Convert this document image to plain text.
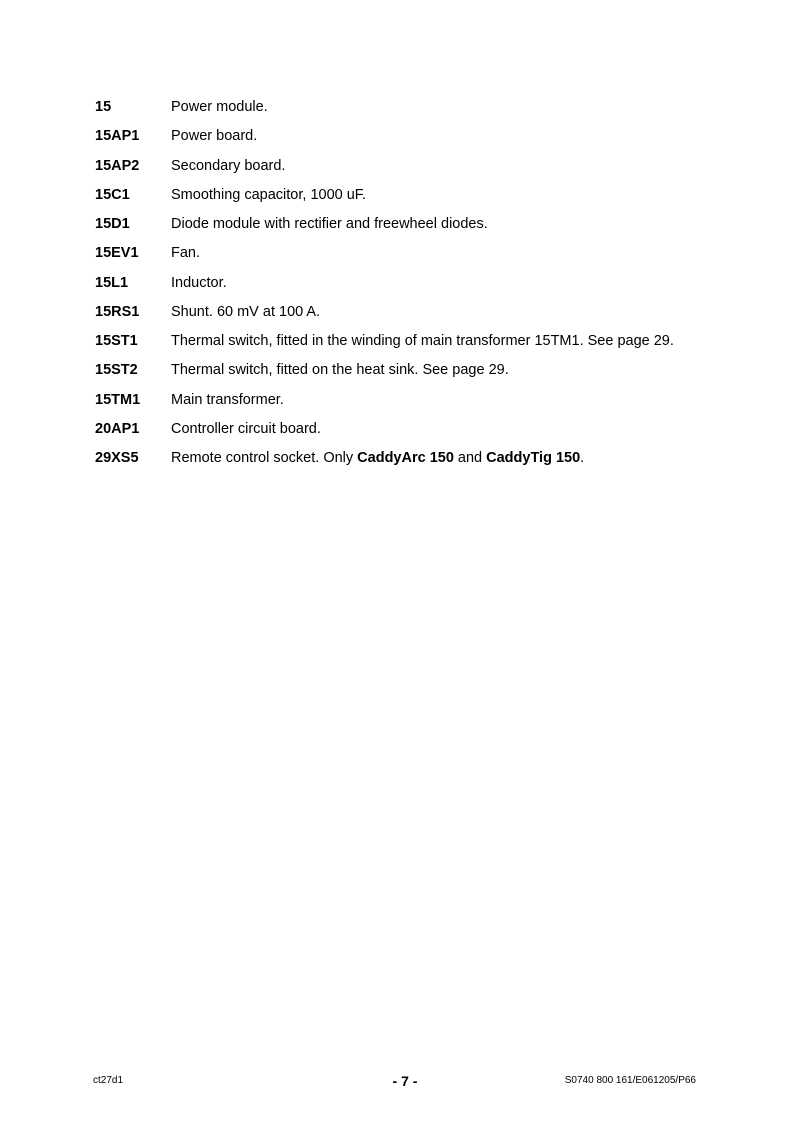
15	Power module.
15AP1	Power board.
15AP2	Secondary board.
15C1	Smoothing capacitor, 1000 uF.
15D1	Diode module with rectifier and freewheel diodes.
15EV1	Fan.
15L1	Inductor.
15RS1	Shunt. 60 mV at 100 A.
15ST1	Thermal switch, fitted in the winding of main transformer 15TM1. See page 29.
15ST2	Thermal switch, fitted on the heat sink. See page 29.
15TM1	Main transformer.
20AP1	Controller circuit board.
29XS5	Remote control socket. Only CaddyArc 150 and CaddyTig 150.
ct27d1	- 7 -	S0740 800 161/E061205/P66
